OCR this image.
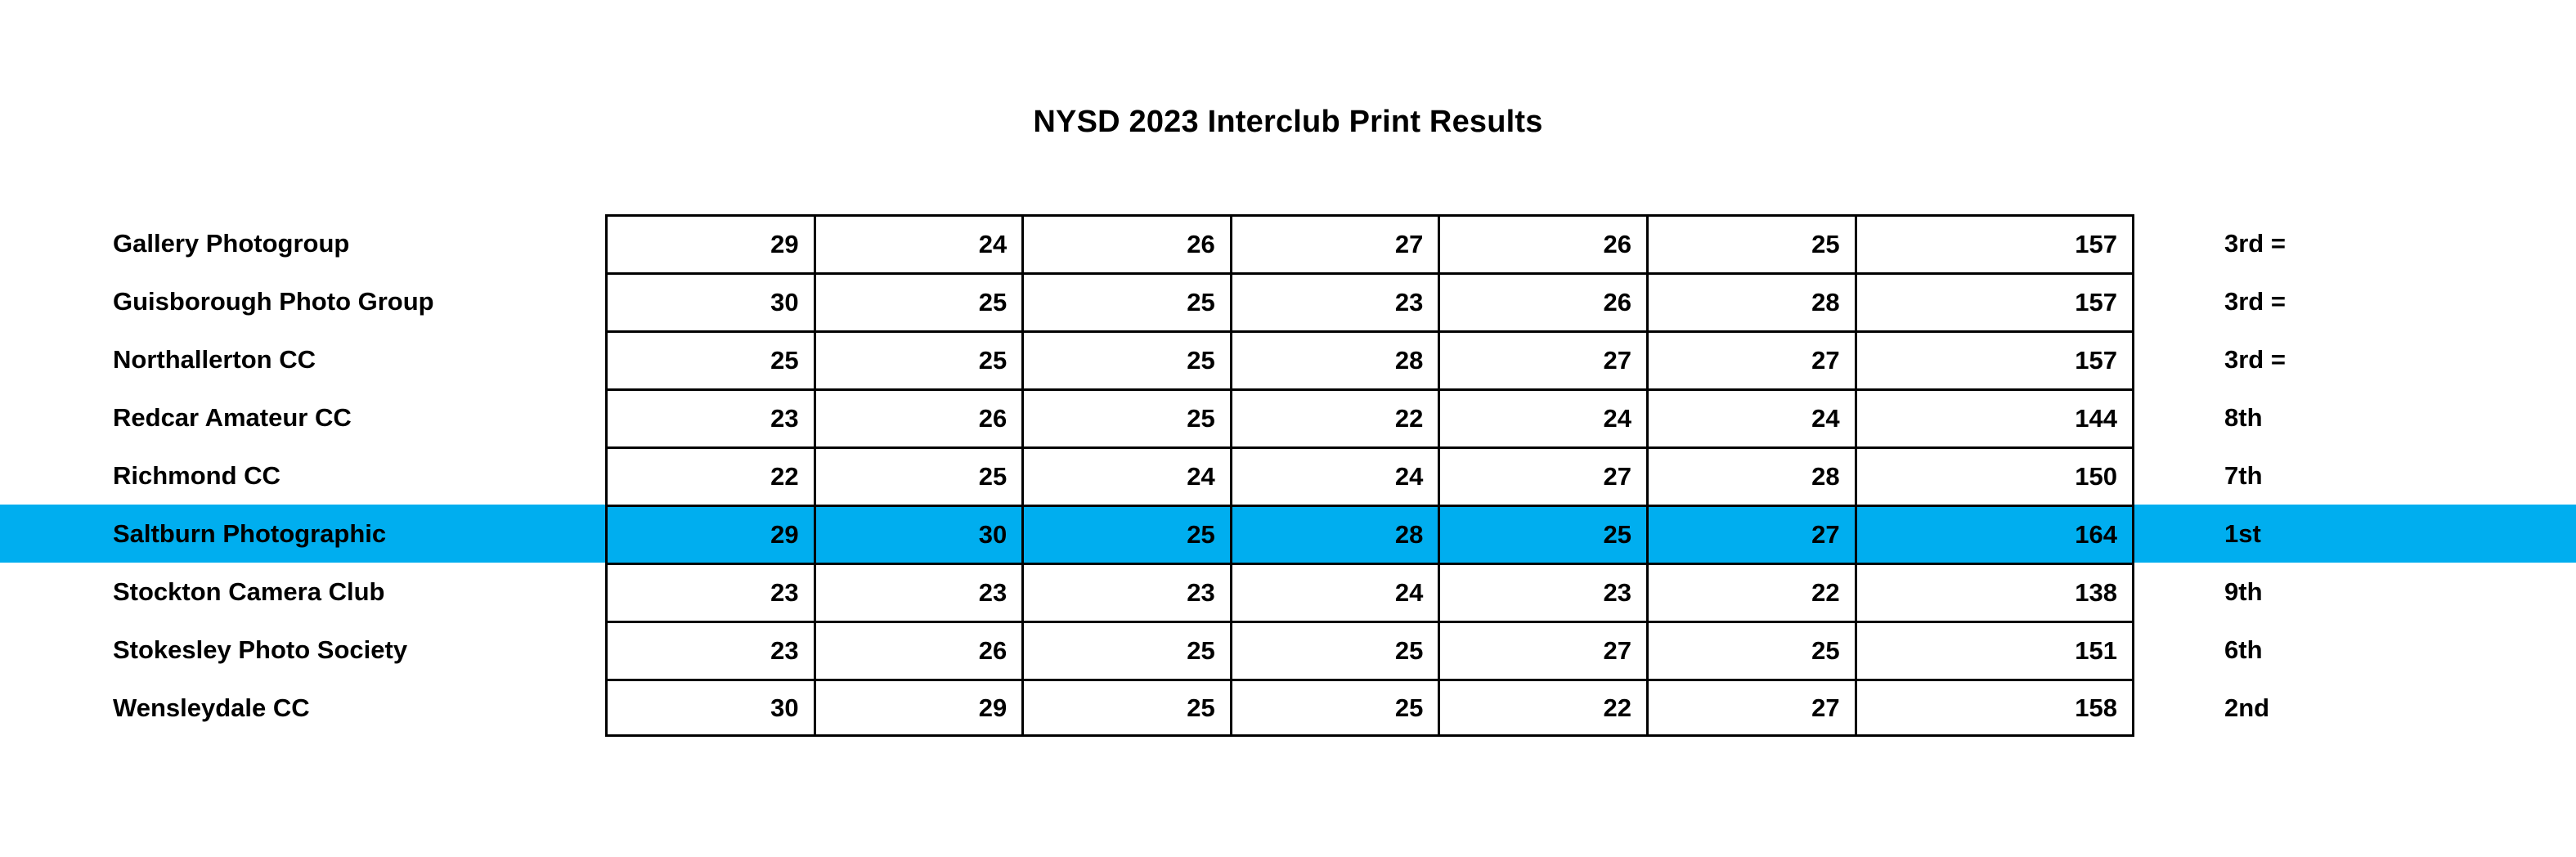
NYSD 2023 Interclub Print Results
Gallery Photogroup	29	24	26	27	26	25	157	3rd =
Guisborough Photo Group	30	25	25	23	26	28	157	3rd =
Northallerton CC	25	25	25	28	27	27	157	3rd =
Redcar Amateur CC	23	26	25	22	24	24	144	8th
Richmond CC	22	25	24	24	27	28	150	7th
Saltburn Photographic	29	30	25	28	25	27	164	1st
Stockton Camera Club	23	23	23	24	23	22	138	9th
Stokesley Photo Society	23	26	25	25	27	25	151	6th
Wensleydale CC	30	29	25	25	22	27	158	2nd
